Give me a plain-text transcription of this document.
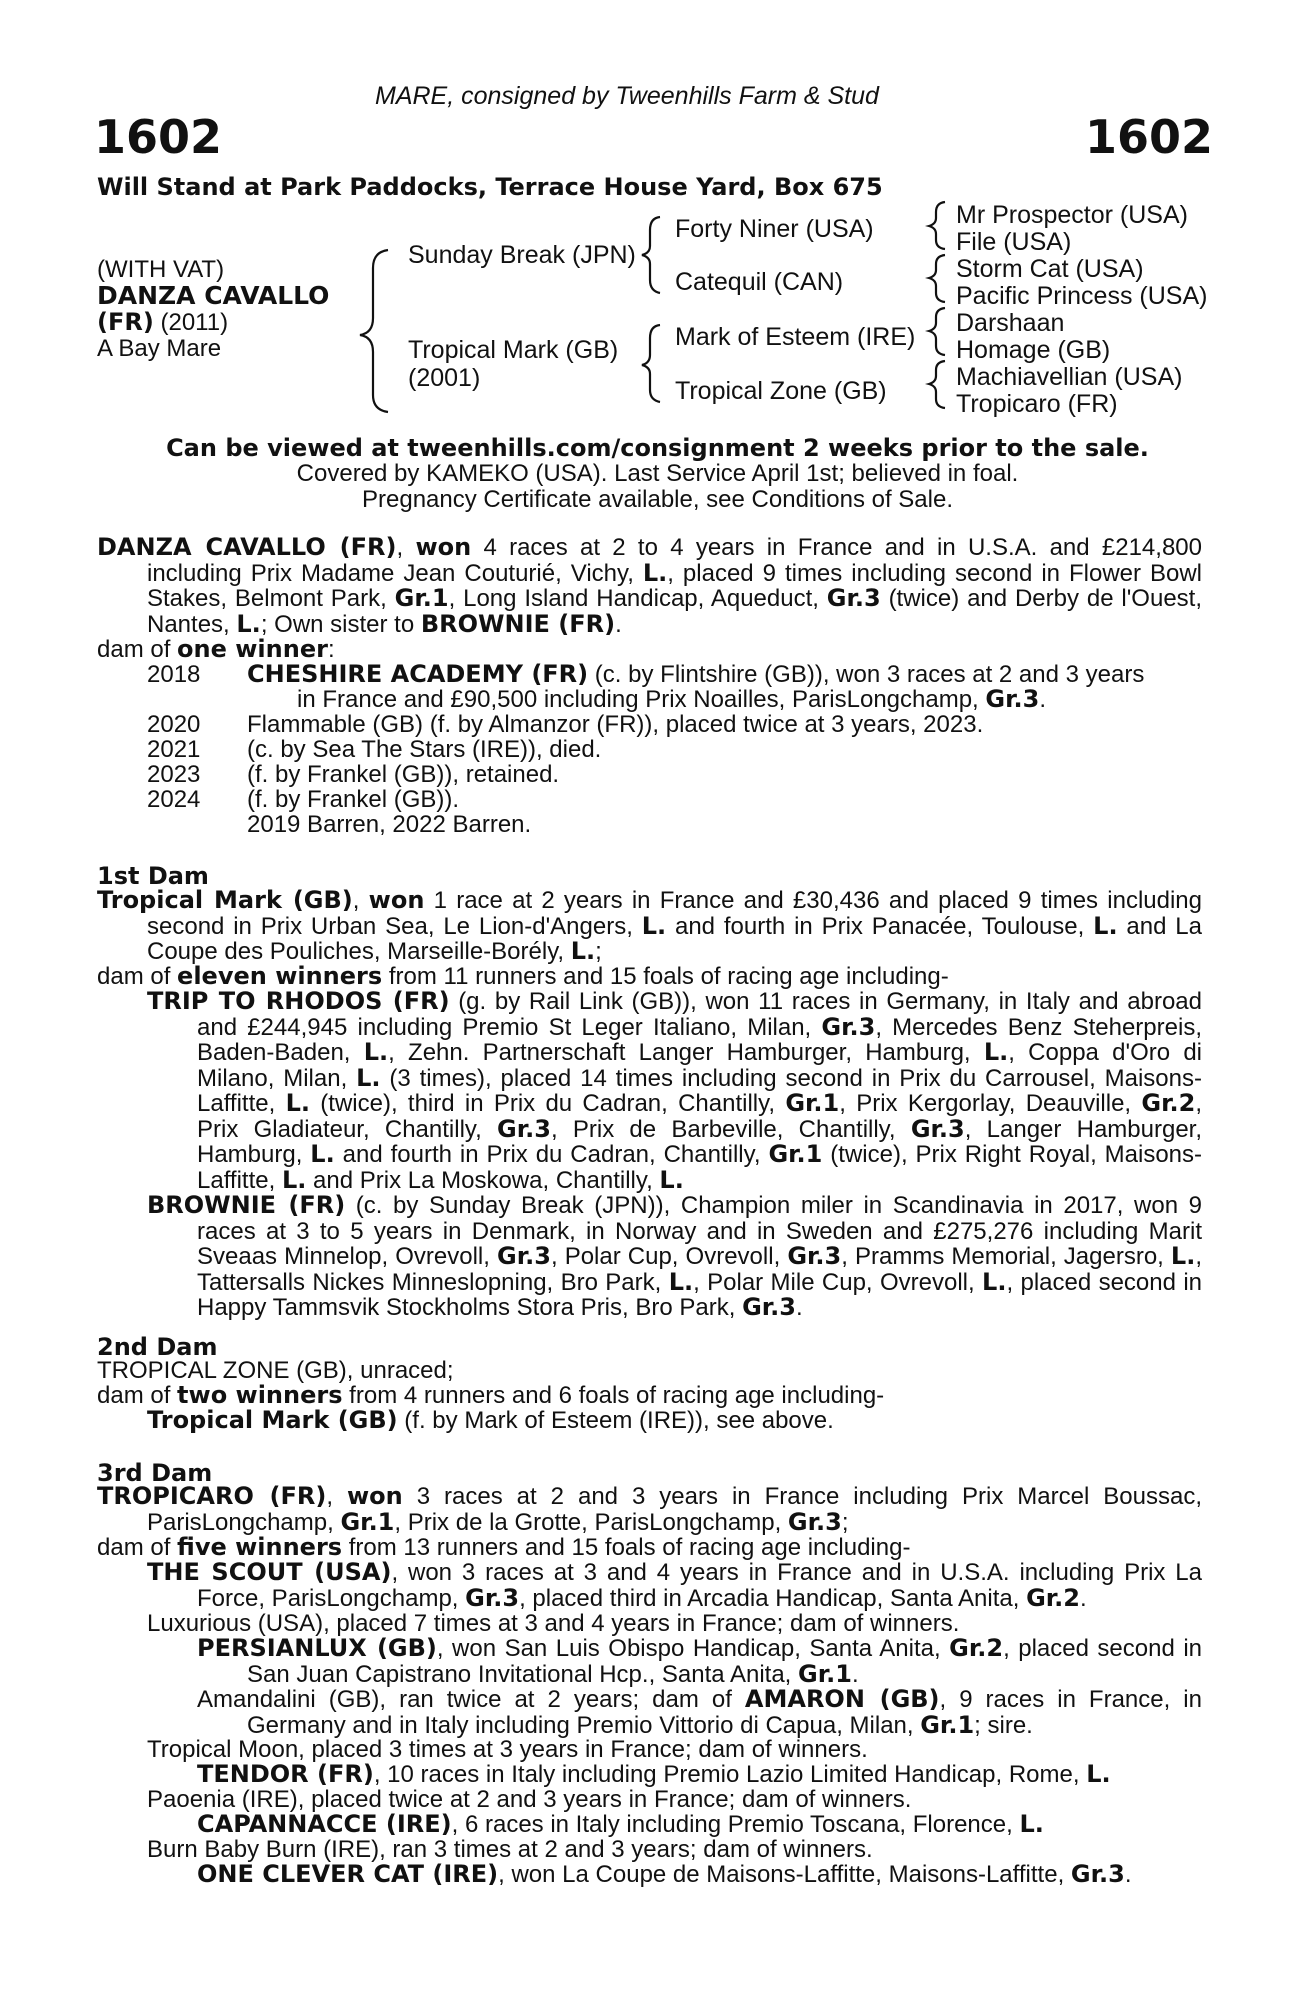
MARE, consigned by Tweenhills Farm & Stud
1602	1602
Will Stand at Park Paddocks, Terrace House Yard, Box 675
(WITH VAT)
DANZA CAVALLO
(FR) (2011)
A Bay Mare
Sunday Break (JPN)
Tropical Mark (GB)
(2001)
Forty Niner (USA)
Catequil (CAN)
Mark of Esteem (IRE)
Tropical Zone (GB)
Mr Prospector (USA)
File (USA)
Storm Cat (USA)
Pacific Princess (USA)
Darshaan
Homage (GB)
Machiavellian (USA)
Tropicaro (FR)
Can be viewed at tweenhills.com/consignment 2 weeks prior to the sale.
Covered by KAMEKO (USA). Last Service April 1st; believed in foal.
Pregnancy Certificate available, see Conditions of Sale.
DANZA CAVALLO (FR), won 4 races at 2 to 4 years in France and in U.S.A. and £214,800 including Prix Madame Jean Couturié, Vichy, L., placed 9 times including second in Flower Bowl Stakes, Belmont Park, Gr.1, Long Island Handicap, Aqueduct, Gr.3 (twice) and Derby de l'Ouest, Nantes, L.; Own sister to BROWNIE (FR).
dam of one winner:
2018 CHESHIRE ACADEMY (FR) (c. by Flintshire (GB)), won 3 races at 2 and 3 years
in France and £90,500 including Prix Noailles, ParisLongchamp, Gr.3.
2020 Flammable (GB) (f. by Almanzor (FR)), placed twice at 3 years, 2023.
2021 (c. by Sea The Stars (IRE)), died.
2023 (f. by Frankel (GB)), retained.
2024 (f. by Frankel (GB)).
2019 Barren, 2022 Barren.
1st Dam
Tropical Mark (GB), won 1 race at 2 years in France and £30,436 and placed 9 times including second in Prix Urban Sea, Le Lion-d'Angers, L. and fourth in Prix Panacée, Toulouse, L. and La Coupe des Pouliches, Marseille-Borély, L.;
dam of eleven winners from 11 runners and 15 foals of racing age including-
TRIP TO RHODOS (FR) (g. by Rail Link (GB)), won 11 races in Germany, in Italy and abroad and £244,945 including Premio St Leger Italiano, Milan, Gr.3, Mercedes Benz Steherpreis, Baden-Baden, L., Zehn. Partnerschaft Langer Hamburger, Hamburg, L., Coppa d'Oro di Milano, Milan, L. (3 times), placed 14 times including second in Prix du Carrousel, Maisons-Laffitte, L. (twice), third in Prix du Cadran, Chantilly, Gr.1, Prix Kergorlay, Deauville, Gr.2, Prix Gladiateur, Chantilly, Gr.3, Prix de Barbeville, Chantilly, Gr.3, Langer Hamburger, Hamburg, L. and fourth in Prix du Cadran, Chantilly, Gr.1 (twice), Prix Right Royal, Maisons-Laffitte, L. and Prix La Moskowa, Chantilly, L.
BROWNIE (FR) (c. by Sunday Break (JPN)), Champion miler in Scandinavia in 2017, won 9 races at 3 to 5 years in Denmark, in Norway and in Sweden and £275,276 including Marit Sveaas Minnelop, Ovrevoll, Gr.3, Polar Cup, Ovrevoll, Gr.3, Pramms Memorial, Jagersro, L., Tattersalls Nickes Minneslopning, Bro Park, L., Polar Mile Cup, Ovrevoll, L., placed second in Happy Tammsvik Stockholms Stora Pris, Bro Park, Gr.3.
2nd Dam
TROPICAL ZONE (GB), unraced;
dam of two winners from 4 runners and 6 foals of racing age including-
Tropical Mark (GB) (f. by Mark of Esteem (IRE)), see above.
3rd Dam
TROPICARO (FR), won 3 races at 2 and 3 years in France including Prix Marcel Boussac, ParisLongchamp, Gr.1, Prix de la Grotte, ParisLongchamp, Gr.3;
dam of five winners from 13 runners and 15 foals of racing age including-
THE SCOUT (USA), won 3 races at 3 and 4 years in France and in U.S.A. including Prix La Force, ParisLongchamp, Gr.3, placed third in Arcadia Handicap, Santa Anita, Gr.2.
Luxurious (USA), placed 7 times at 3 and 4 years in France; dam of winners.
PERSIANLUX (GB), won San Luis Obispo Handicap, Santa Anita, Gr.2, placed second in San Juan Capistrano Invitational Hcp., Santa Anita, Gr.1.
Amandalini (GB), ran twice at 2 years; dam of AMARON (GB), 9 races in France, in Germany and in Italy including Premio Vittorio di Capua, Milan, Gr.1; sire.
Tropical Moon, placed 3 times at 3 years in France; dam of winners.
TENDOR (FR), 10 races in Italy including Premio Lazio Limited Handicap, Rome, L.
Paoenia (IRE), placed twice at 2 and 3 years in France; dam of winners.
CAPANNACCE (IRE), 6 races in Italy including Premio Toscana, Florence, L.
Burn Baby Burn (IRE), ran 3 times at 2 and 3 years; dam of winners.
ONE CLEVER CAT (IRE), won La Coupe de Maisons-Laffitte, Maisons-Laffitte, Gr.3.
